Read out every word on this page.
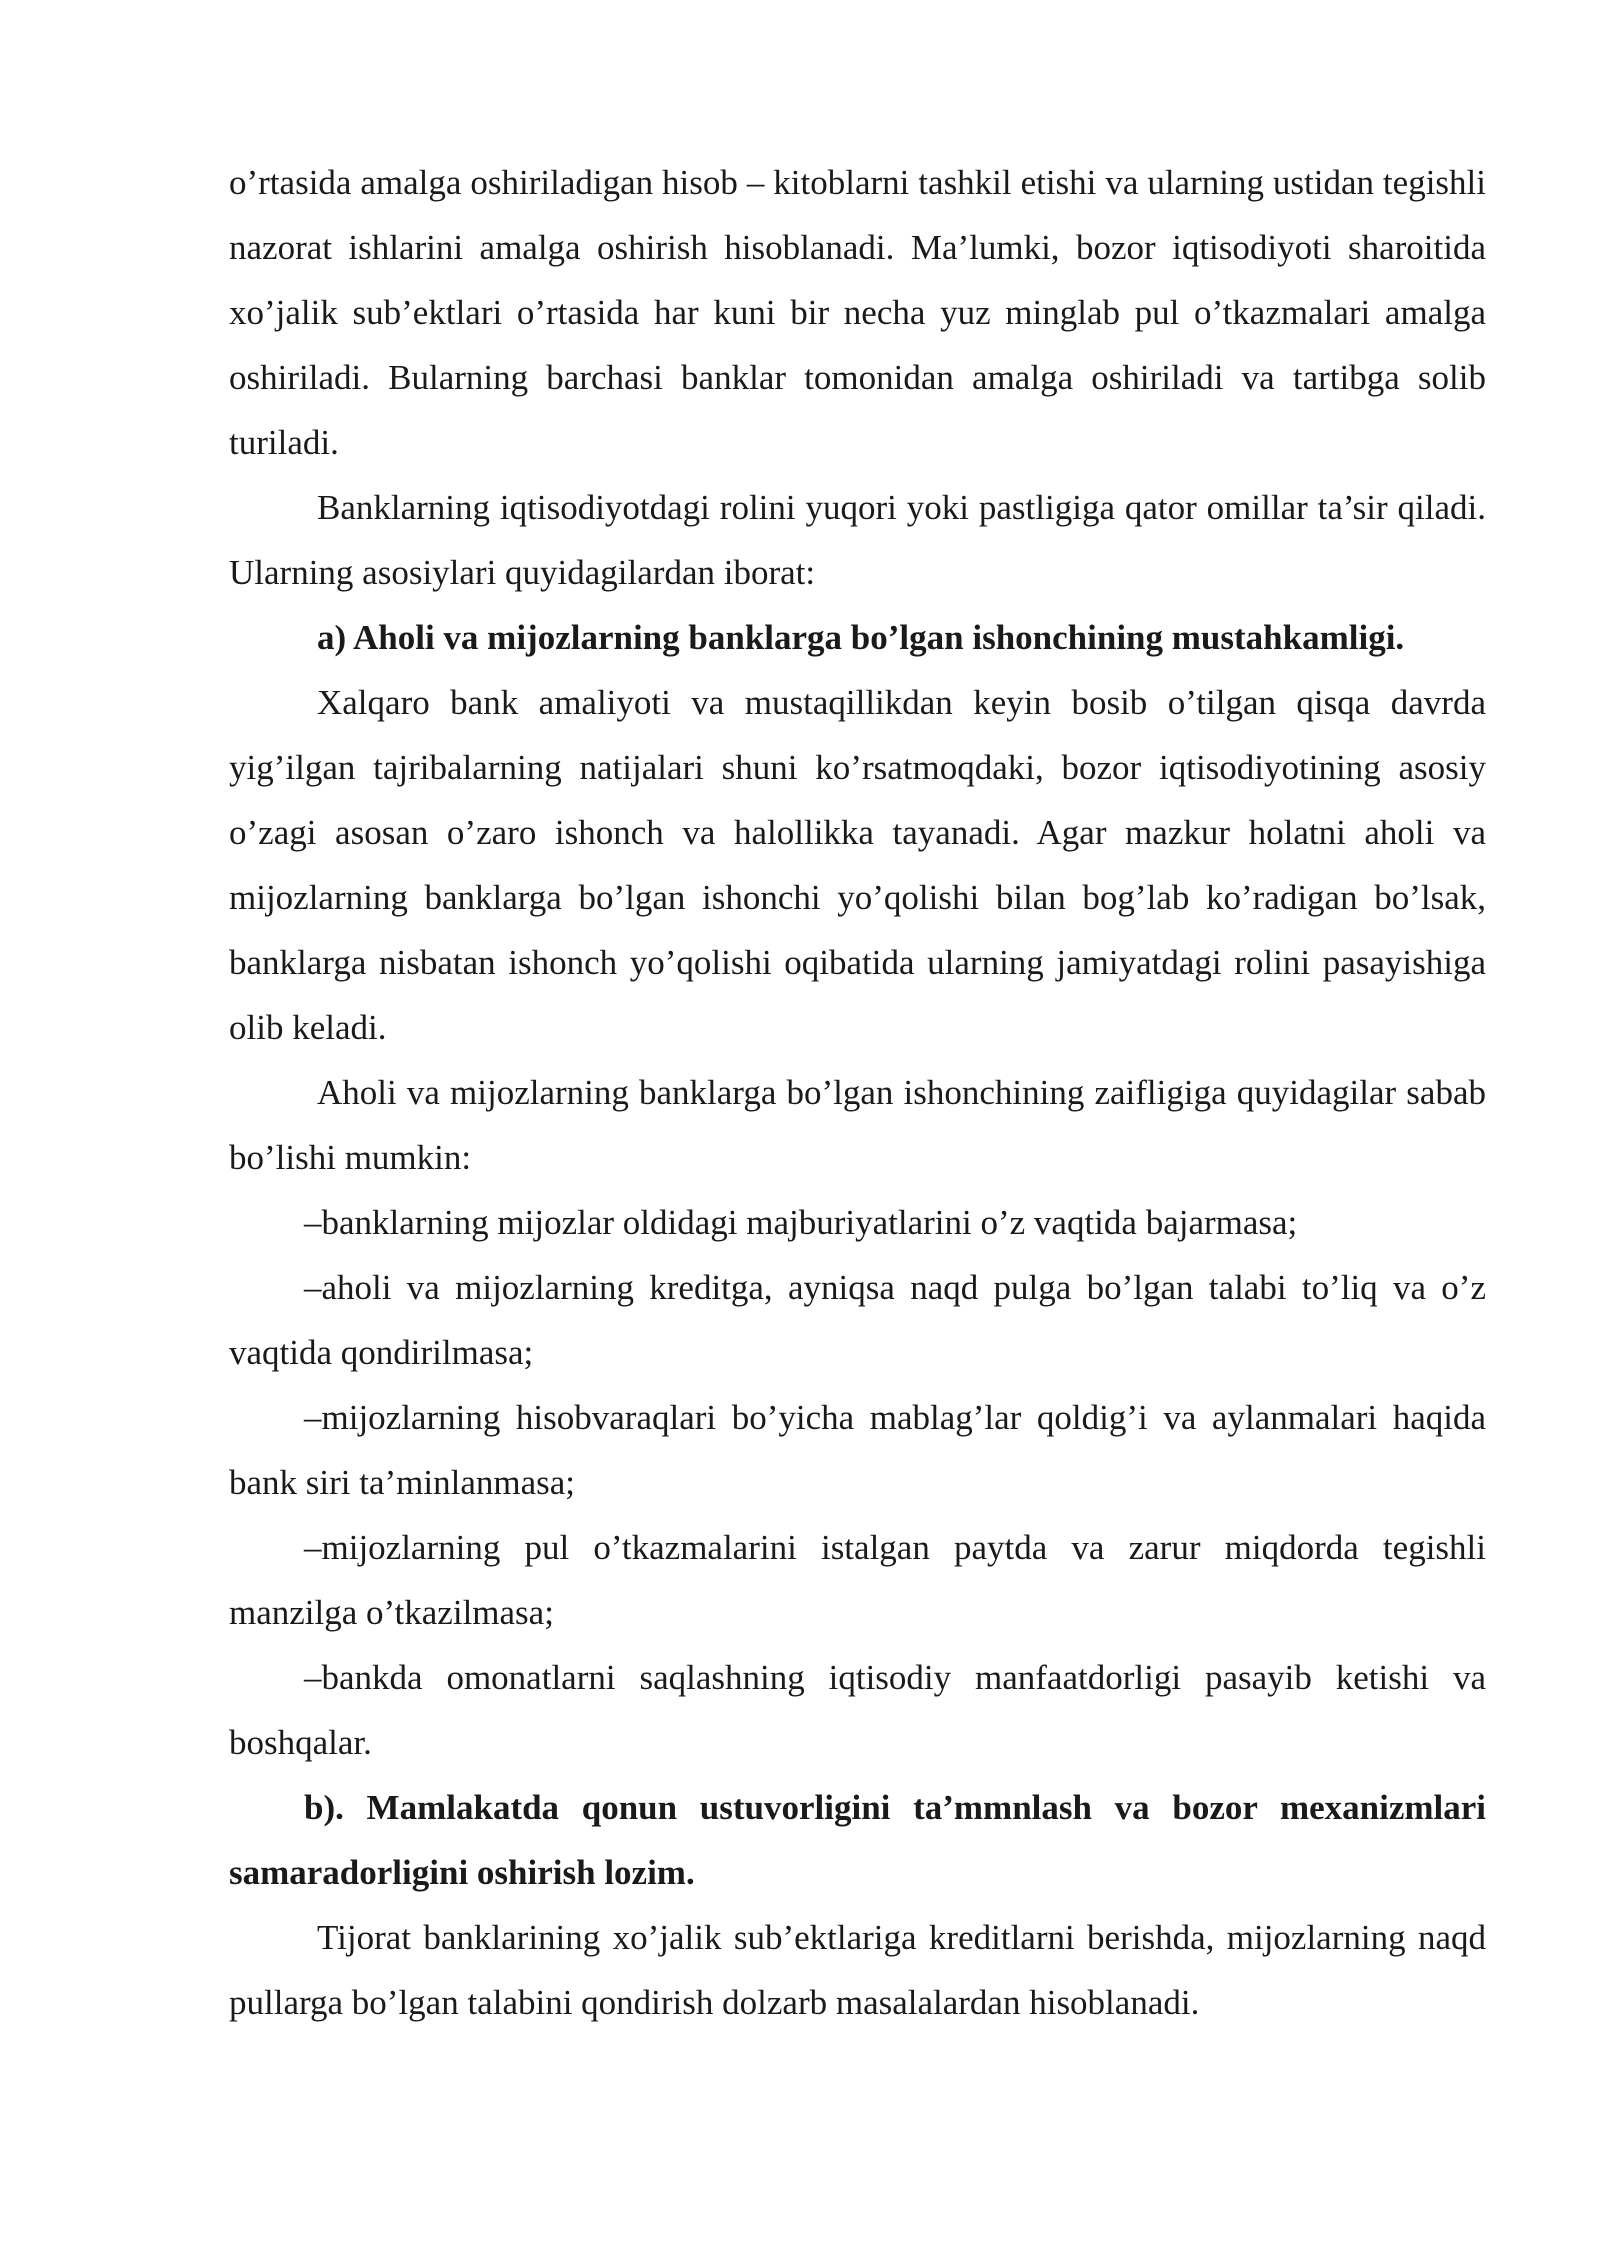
o’rtasida amalga oshiriladigan hisob – kitoblarni tashkil etishi va ularning ustidan tegishli nazorat ishlarini amalga oshirish hisoblanadi. Ma’lumki, bozor iqtisodiyoti sharoitida xo’jalik sub’ektlari o’rtasida har kuni bir necha yuz minglab pul o’tkazmalari amalga oshiriladi. Bularning barchasi banklar tomonidan amalga oshiriladi va tartibga solib turiladi.

Banklarning iqtisodiyotdagi rolini yuqori yoki pastligiga qator omillar ta’sir qiladi. Ularning asosiylari quyidagilardan iborat:

a) Aholi va mijozlarning banklarga bo’lgan ishonchining mustahkamligi.

Xalqaro bank amaliyoti va mustaqillikdan keyin bosib o’tilgan qisqa davrda yig’ilgan tajribalarning natijalari shuni ko’rsatmoqdaki, bozor iqtisodiyotining asosiy o’zagi asosan o’zaro ishonch va halollikka tayanadi. Agar mazkur holatni aholi va mijozlarning banklarga bo’lgan ishonchi yo’qolishi bilan bog’lab ko’radigan bo’lsak, banklarga nisbatan ishonch yo’qolishi oqibatida ularning jamiyatdagi rolini pasayishiga olib keladi.

Aholi va mijozlarning banklarga bo’lgan ishonchining zaifligiga quyidagilar sabab bo’lishi mumkin:

–banklarning mijozlar oldidagi majburiyatlarini o’z vaqtida bajarmasa;

–aholi va mijozlarning kreditga, ayniqsa naqd pulga bo’lgan talabi to’liq va o’z vaqtida qondirilmasa;

–mijozlarning hisobvaraqlari bo’yicha mablag’lar qoldig’i va aylanmalari haqida bank siri ta’minlanmasa;

–mijozlarning pul o’tkazmalarini istalgan paytda va zarur miqdorda tegishli manzilga o’tkazilmasa;

–bankda omonatlarni saqlashning iqtisodiy manfaatdorligi pasayib ketishi va boshqalar.

b). Mamlakatda qonun ustuvorligini ta’mmnlash va bozor mexanizmlari samaradorligini oshirish lozim.

Tijorat banklarining xo’jalik sub’ektlariga kreditlarni berishda, mijozlarning naqd pullarga bo’lgan talabini qondirish dolzarb masalalardan hisoblanadi.
